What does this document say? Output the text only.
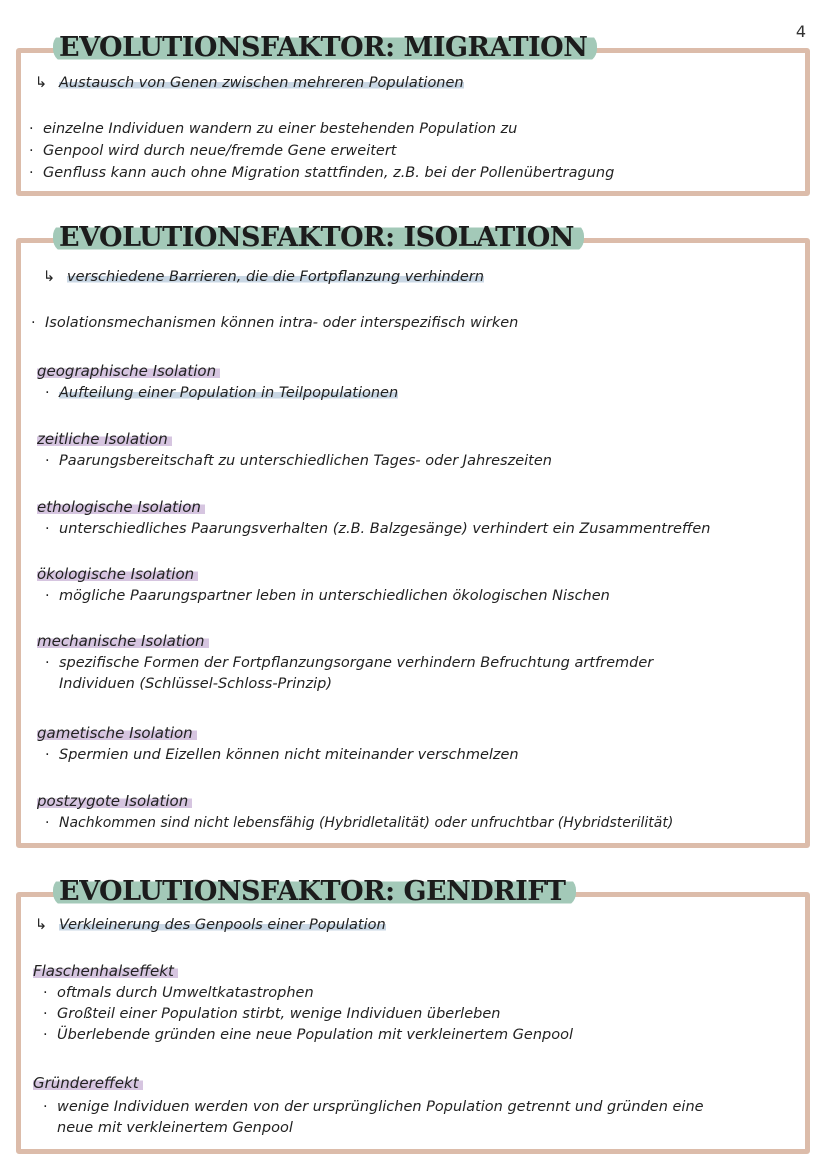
4
EVOLUTIONSFAKTOR: MIGRATION
↳ Austausch von Genen zwischen mehreren Populationen
· einzelne Individuen wandern zu einer bestehenden Population zu
· Genpool wird durch neue/fremde Gene erweitert
· Genfluss kann auch ohne Migration stattfinden, z.B. bei der Pollenübertragung
EVOLUTIONSFAKTOR: ISOLATION
↳ verschiedene Barrieren, die die Fortpflanzung verhindern
· Isolationsmechanismen können intra- oder interspezifisch wirken
geographische Isolation
· Aufteilung einer Population in Teilpopulationen
zeitliche Isolation
· Paarungsbereitschaft zu unterschiedlichen Tages- oder Jahreszeiten
ethologische Isolation
· unterschiedliches Paarungsverhalten (z.B. Balzgesänge) verhindert ein Zusammentreffen
ökologische Isolation
· mögliche Paarungspartner leben in unterschiedlichen ökologischen Nischen
mechanische Isolation
· spezifische Formen der Fortpflanzungsorgane verhindern Befruchtung artfremder
Individuen (Schlüssel-Schloss-Prinzip)
gametische Isolation
· Spermien und Eizellen können nicht miteinander verschmelzen
postzygote Isolation
· Nachkommen sind nicht lebensfähig (Hybridletalität) oder unfruchtbar (Hybridsterilität)
EVOLUTIONSFAKTOR: GENDRIFT
↳ Verkleinerung des Genpools einer Population
Flaschenhalseffekt
· oftmals durch Umweltkatastrophen
· Großteil einer Population stirbt, wenige Individuen überleben
· Überlebende gründen eine neue Population mit verkleinertem Genpool
Gründereffekt
· wenige Individuen werden von der ursprünglichen Population getrennt und gründen eine
neue mit verkleinertem Genpool
